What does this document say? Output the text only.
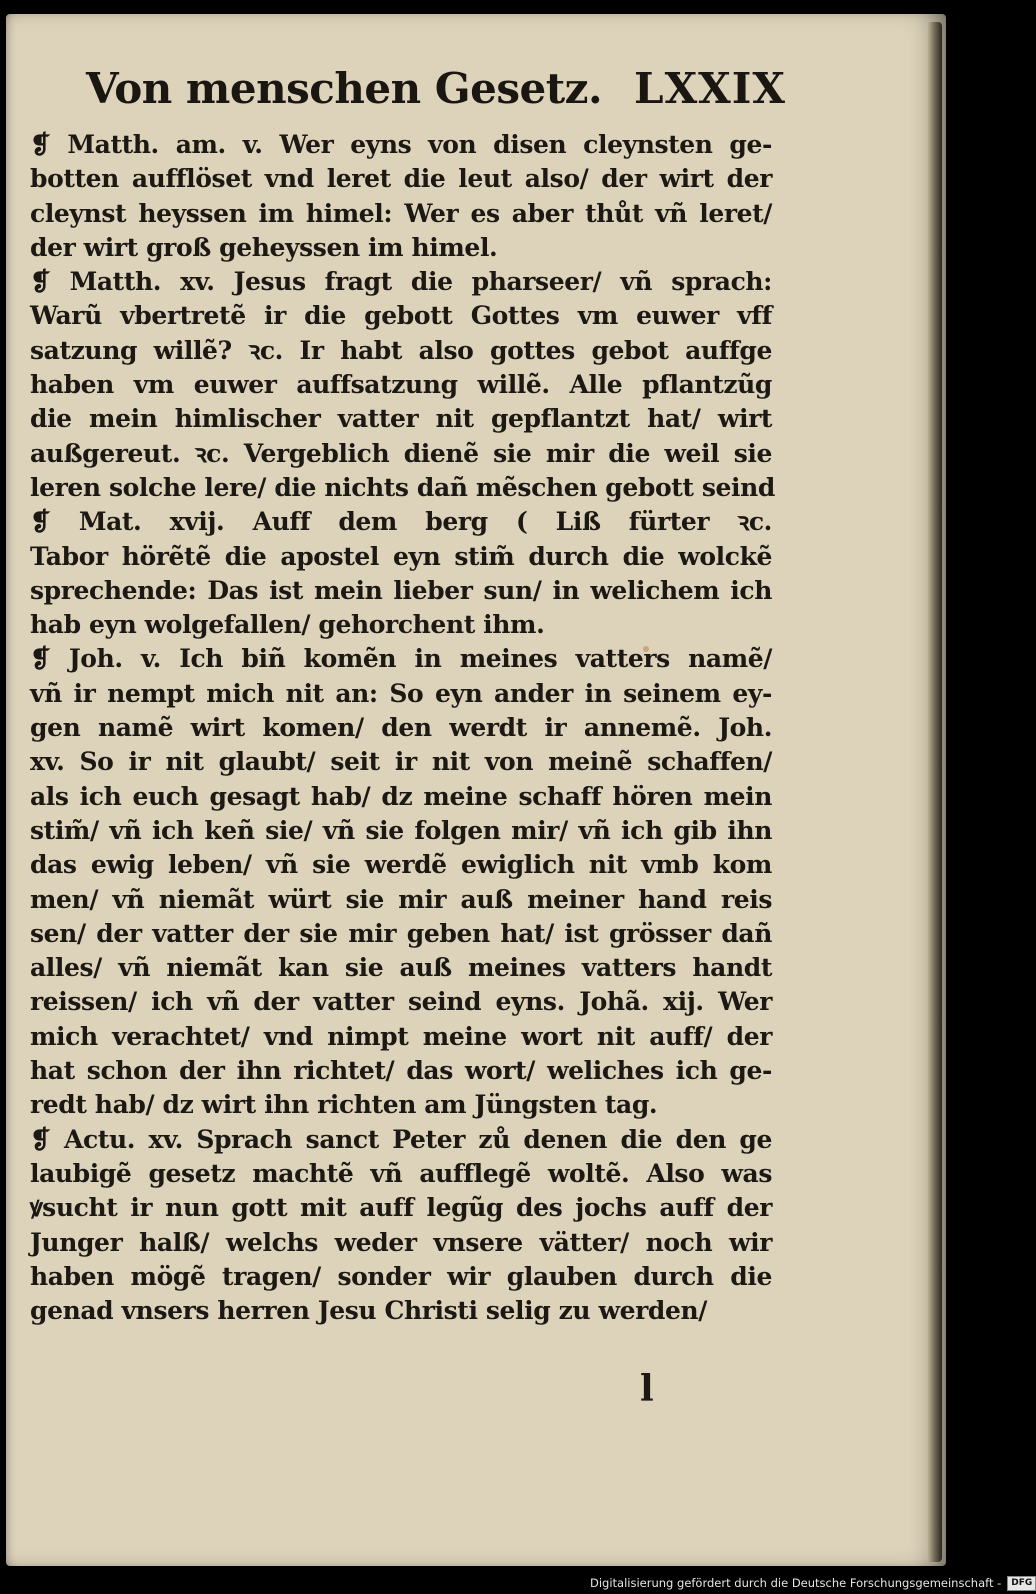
Von menschen Gesetz. LXXIX
❡ Matth. am. v. Wer eyns von disen cleynsten ge-
botten aufflöset vnd leret die leut also/ der wirt der
cleynst heyssen im himel: Wer es aber thůt vñ leret/
der wirt groß geheyssen im himel.
❡ Matth. xv. Jesus fragt die pharseer/ vñ sprach:
Warũ vbertretẽ ir die gebott Gottes vm euwer vff
satzung willẽ? ꝛc. Ir habt also gottes gebot auffge
haben vm euwer auffsatzung willẽ. Alle pflantzũg
die mein himlischer vatter nit gepflantzt hat/ wirt
außgereut. ꝛc. Vergeblich dienẽ sie mir die weil sie
leren solche lere/ die nichts dañ mẽschen gebott seind
❡ Mat. xvij. Auff dem berg ( Liß fürter ꝛc.
Tabor hörẽtẽ die apostel eyn stim̃ durch die wolckẽ
sprechende: Das ist mein lieber sun/ in welichem ich
hab eyn wolgefallen/ gehorchent ihm.
❡ Joh. v. Ich biñ komẽn in meines vatters namẽ/
vñ ir nempt mich nit an: So eyn ander in seinem ey-
gen namẽ wirt komen/ den werdt ir annemẽ. Joh.
xv. So ir nit glaubt/ seit ir nit von meinẽ schaffen/
als ich euch gesagt hab/ dz meine schaff hören mein
stim̃/ vñ ich keñ sie/ vñ sie folgen mir/ vñ ich gib ihn
das ewig leben/ vñ sie werdẽ ewiglich nit vmb kom
men/ vñ niemãt würt sie mir auß meiner hand reis
sen/ der vatter der sie mir geben hat/ ist grösser dañ
alles/ vñ niemãt kan sie auß meines vatters handt
reissen/ ich vñ der vatter seind eyns. Johã. xij. Wer
mich verachtet/ vnd nimpt meine wort nit auff/ der
hat schon der ihn richtet/ das wort/ weliches ich ge-
redt hab/ dz wirt ihn richten am Jüngsten tag.
❡ Actu. xv. Sprach sanct Peter zů denen die den ge
laubigẽ gesetz machtẽ vñ aufflegẽ woltẽ. Also was
ꝟsucht ir nun gott mit auff legũg des jochs auff der
Junger halß/ welchs weder vnsere vätter/ noch wir
haben mögẽ tragen/ sonder wir glauben durch die
genad vnsers herren Jesu Christi selig zu werden/
l
Digitalisierung gefördert durch die Deutsche Forschungsgemeinschaft -	DFG
